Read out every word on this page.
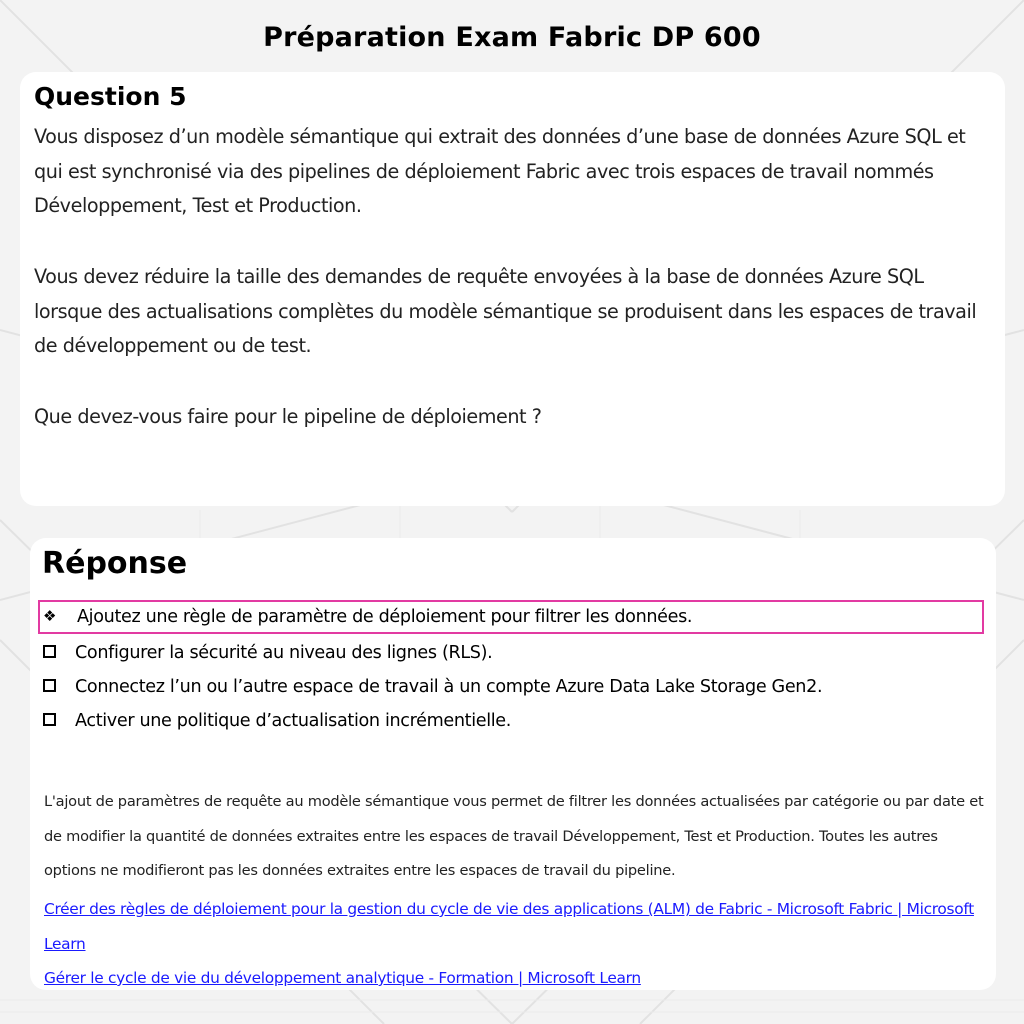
Préparation Exam Fabric DP 600
Question 5

Vous disposez d’un modèle sémantique qui extrait des données d’une base de données Azure SQL et qui est synchronisé via des pipelines de déploiement Fabric avec trois espaces de travail nommés Développement, Test et Production.

Vous devez réduire la taille des demandes de requête envoyées à la base de données Azure SQL lorsque des actualisations complètes du modèle sémantique se produisent dans les espaces de travail de développement ou de test.

Que devez-vous faire pour le pipeline de déploiement ?

Réponse
❖ Ajoutez une règle de paramètre de déploiement pour filtrer les données.
Configurer la sécurité au niveau des lignes (RLS).
Connectez l’un ou l’autre espace de travail à un compte Azure Data Lake Storage Gen2.
Activer une politique d’actualisation incrémentielle.

L'ajout de paramètres de requête au modèle sémantique vous permet de filtrer les données actualisées par catégorie ou par date et de modifier la quantité de données extraites entre les espaces de travail Développement, Test et Production. Toutes les autres options ne modifieront pas les données extraites entre les espaces de travail du pipeline.

Créer des règles de déploiement pour la gestion du cycle de vie des applications (ALM) de Fabric - Microsoft Fabric | Microsoft Learn
Gérer le cycle de vie du développement analytique - Formation | Microsoft Learn
